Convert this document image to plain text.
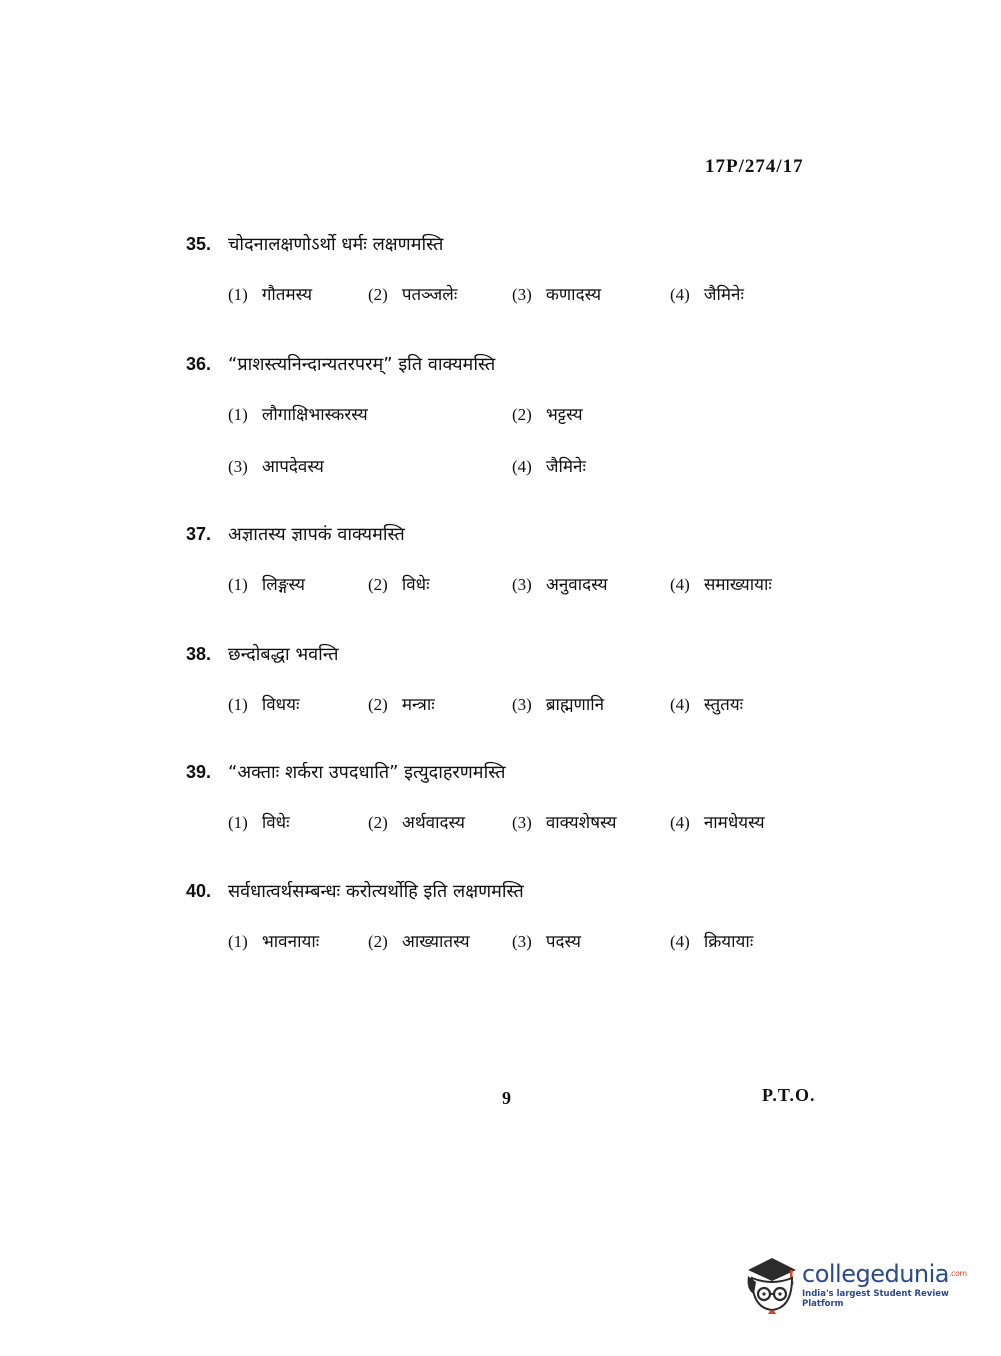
17P/274/17
35. चोदनालक्षणोऽर्थो धर्मः लक्षणमस्ति
(1) गौतमस्य	(2) पतञ्जलेः	(3) कणादस्य	(4) जैमिनेः
36. “प्राशस्त्यनिन्दान्यतरपरम्” इति वाक्यमस्ति
(1) लौगाक्षिभास्करस्य	(2) भट्टस्य
(3) आपदेवस्य	(4) जैमिनेः
37. अज्ञातस्य ज्ञापकं वाक्यमस्ति
(1) लिङ्गस्य	(2) विधेः	(3) अनुवादस्य	(4) समाख्यायाः
38. छन्दोबद्धा भवन्ति
(1) विधयः	(2) मन्त्राः	(3) ब्राह्मणानि	(4) स्तुतयः
39. “अक्ताः शर्करा उपदधाति” इत्युदाहरणमस्ति
(1) विधेः	(2) अर्थवादस्य	(3) वाक्यशेषस्य	(4) नामधेयस्य
40. सर्वधात्वर्थसम्बन्धः करोत्यर्थोहि इति लक्षणमस्ति
(1) भावनायाः	(2) आख्यातस्य (3) पदस्य	(4) क्रियायाः
9	P.T.O.
collegedunia$^{.com}$
India's largest Student Review Platform
